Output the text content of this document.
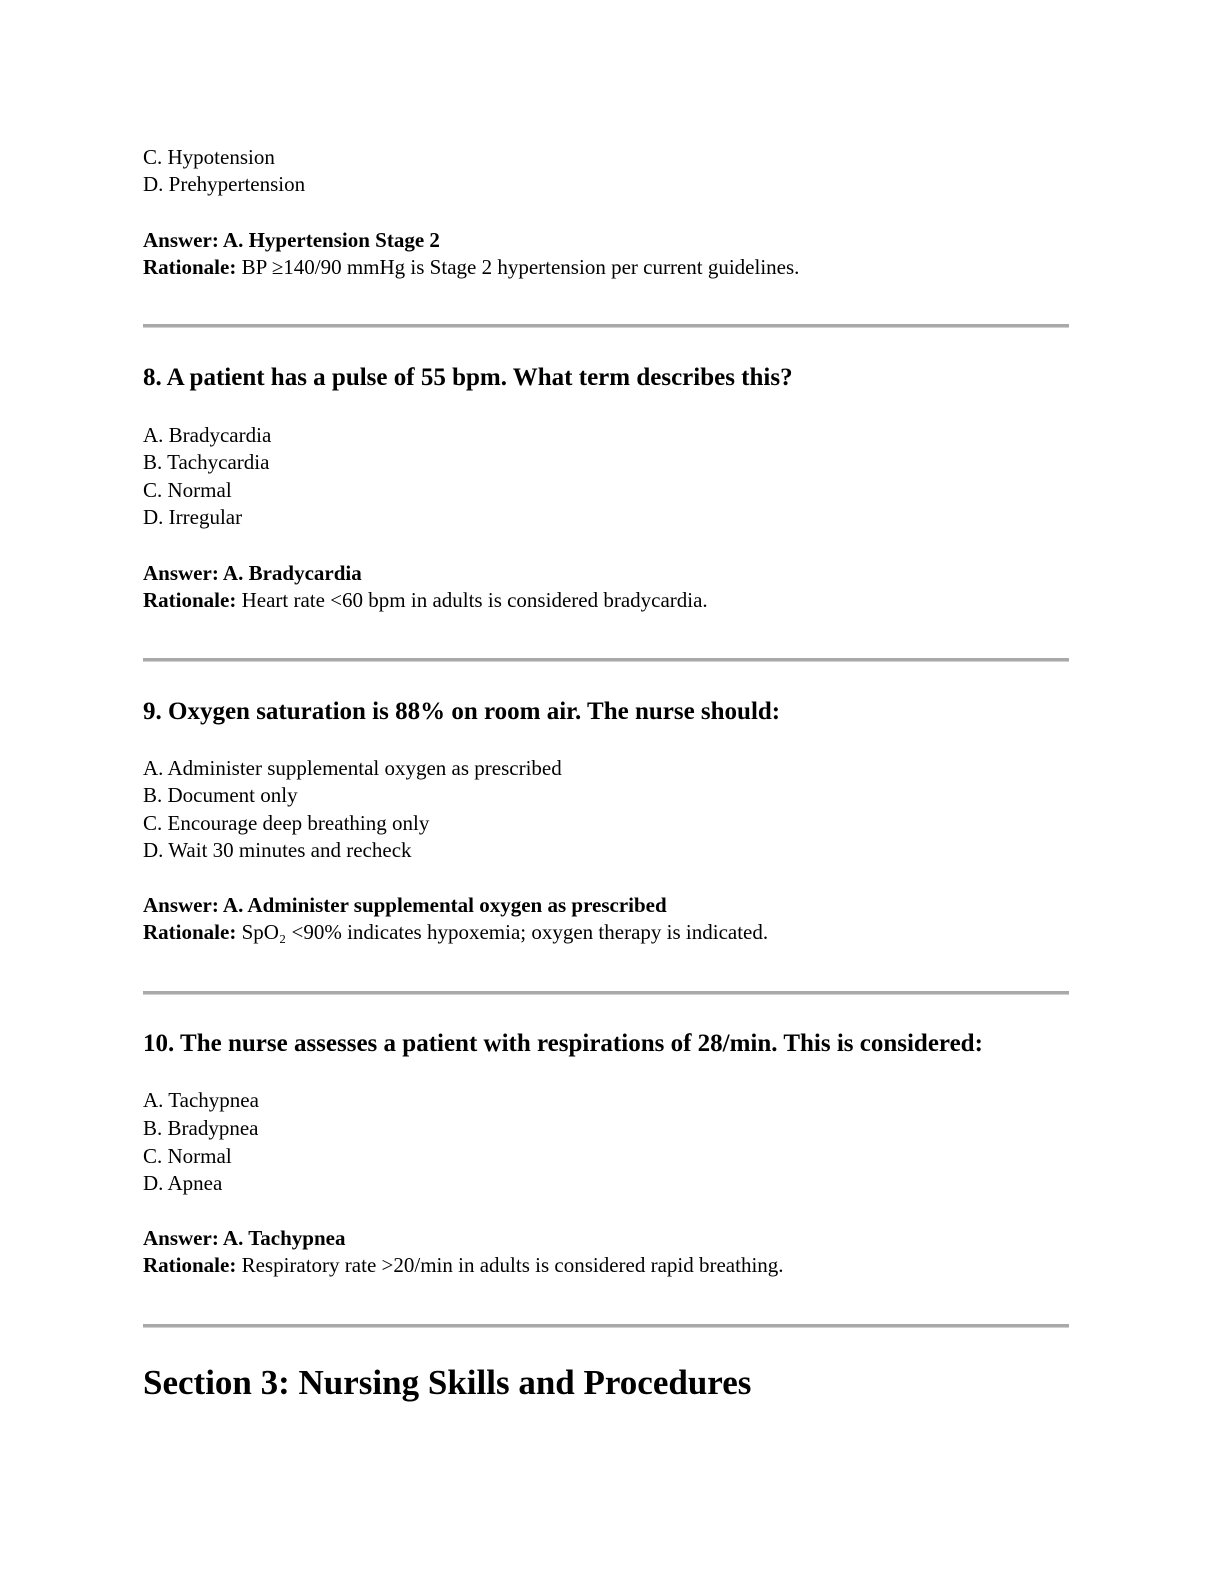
C. Hypotension
D. Prehypertension
Answer: A. Hypertension Stage 2
Rationale: BP ≥140/90 mmHg is Stage 2 hypertension per current guidelines.
8. A patient has a pulse of 55 bpm. What term describes this?
A. Bradycardia
B. Tachycardia
C. Normal
D. Irregular
Answer: A. Bradycardia
Rationale: Heart rate <60 bpm in adults is considered bradycardia.
9. Oxygen saturation is 88% on room air. The nurse should:
A. Administer supplemental oxygen as prescribed
B. Document only
C. Encourage deep breathing only
D. Wait 30 minutes and recheck
Answer: A. Administer supplemental oxygen as prescribed
Rationale: SpO₂ <90% indicates hypoxemia; oxygen therapy is indicated.
10. The nurse assesses a patient with respirations of 28/min. This is considered:
A. Tachypnea
B. Bradypnea
C. Normal
D. Apnea
Answer: A. Tachypnea
Rationale: Respiratory rate >20/min in adults is considered rapid breathing.
Section 3: Nursing Skills and Procedures
